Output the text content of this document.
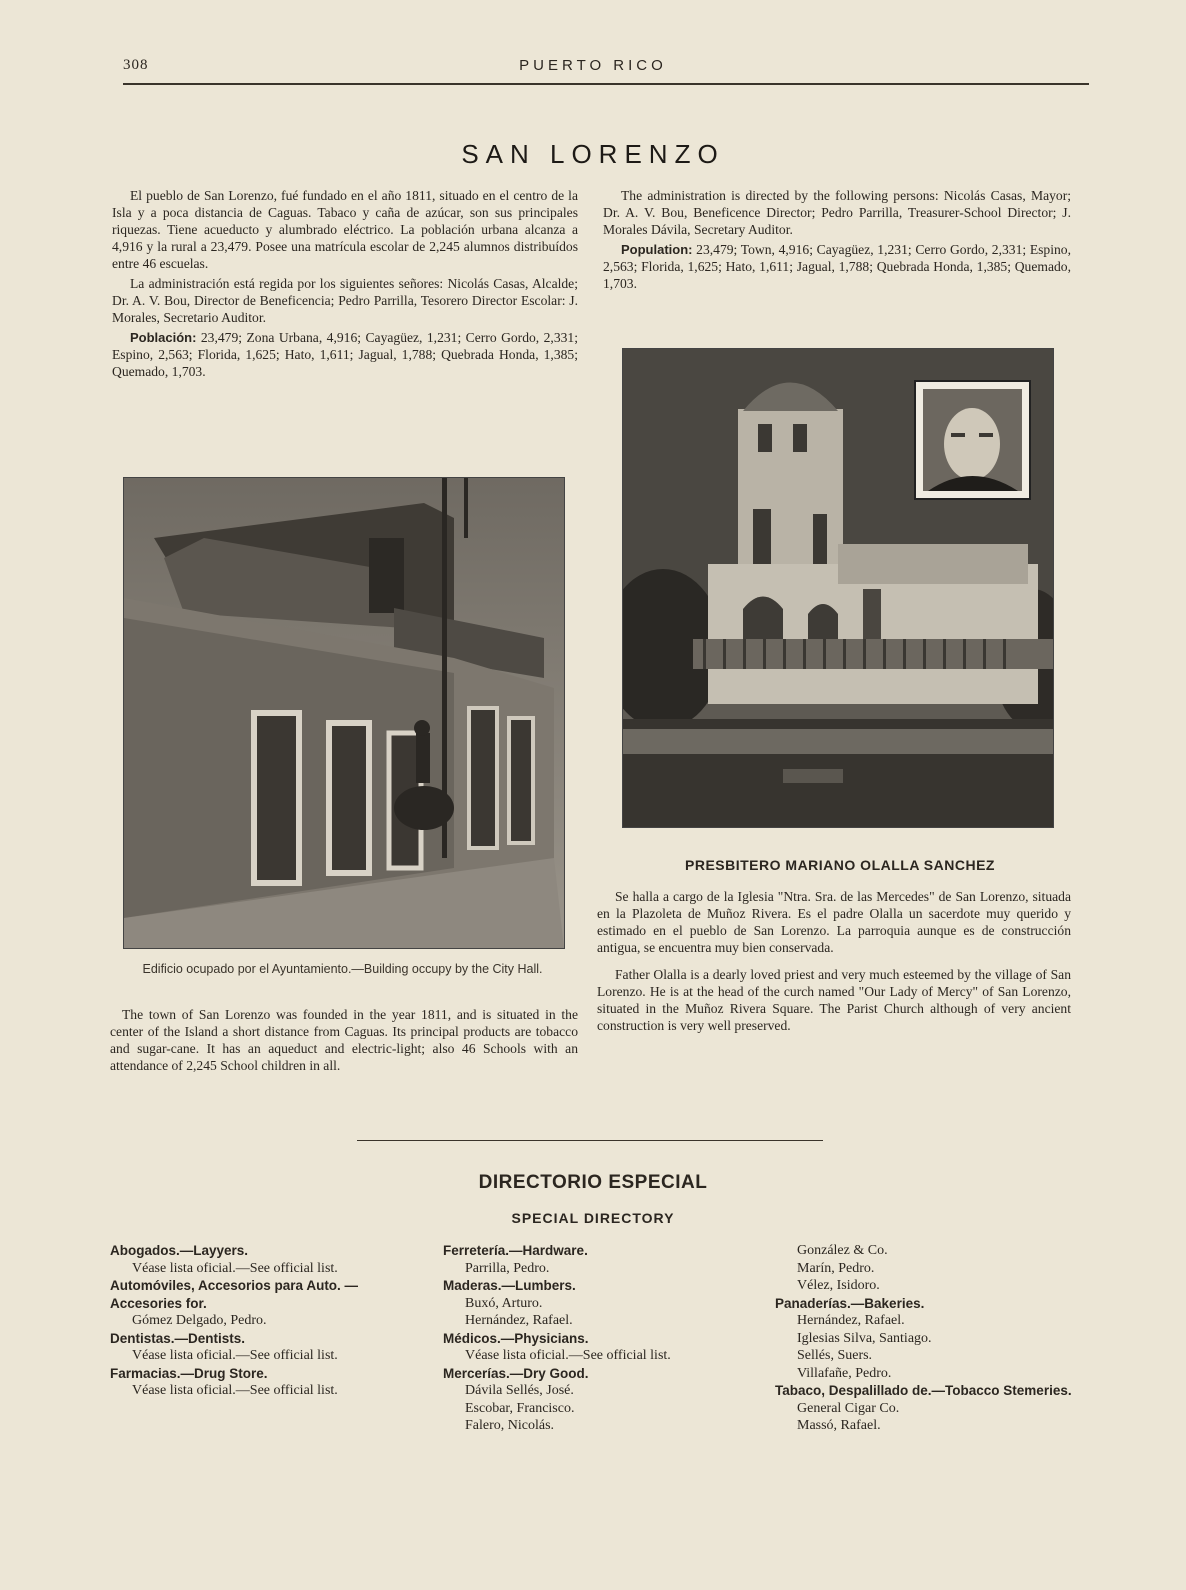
308	PUERTO RICO
SAN LORENZO

El pueblo de San Lorenzo, fué fundado en el año 1811, situado en el centro de la Isla y a poca distancia de Caguas. Tabaco y caña de azúcar, son sus principales riquezas. Tiene acueducto y alumbrado eléctrico. La población urbana alcanza a 4,916 y la rural a 23,479. Posee una matrícula escolar de 2,245 alumnos distribuídos entre 46 escuelas.

La administración está regida por los siguientes señores: Nicolás Casas, Alcalde; Dr. A. V. Bou, Director de Beneficencia; Pedro Parrilla, Tesorero Director Escolar: J. Morales, Secretario Auditor.

Población: 23,479; Zona Urbana, 4,916; Cayagüez, 1,231; Cerro Gordo, 2,331; Espino, 2,563; Florida, 1,625; Hato, 1,611; Jagual, 1,788; Quebrada Honda, 1,385; Quemado, 1,703.

Edificio ocupado por el Ayuntamiento.—Building occupy by the City Hall.

The town of San Lorenzo was founded in the year 1811, and is situated in the center of the Island a short distance from Caguas. Its principal products are tobacco and sugar-cane. It has an aqueduct and electric-light; also 46 Schools with an attendance of 2,245 School children in all.

The administration is directed by the following persons: Nicolás Casas, Mayor; Dr. A. V. Bou, Beneficence Director; Pedro Parrilla, Treasurer-School Director; J. Morales Dávila, Secretary Auditor.

Population: 23,479; Town, 4,916; Cayagüez, 1,231; Cerro Gordo, 2,331; Espino, 2,563; Florida, 1,625; Hato, 1,611; Jagual, 1,788; Quebrada Honda, 1,385; Quemado, 1,703.

PRESBITERO MARIANO OLALLA SANCHEZ

Se halla a cargo de la Iglesia "Ntra. Sra. de las Mercedes" de San Lorenzo, situada en la Plazoleta de Muñoz Rivera. Es el padre Olalla un sacerdote muy querido y estimado en el pueblo de San Lorenzo. La parroquia aunque es de construcción antigua, se encuentra muy bien conservada.

Father Olalla is a dearly loved priest and very much esteemed by the village of San Lorenzo. He is at the head of the curch named "Our Lady of Mercy" of San Lorenzo, situated in the Muñoz Rivera Square. The Parist Church although of very ancient construction is very well preserved.

DIRECTORIO ESPECIAL
SPECIAL DIRECTORY
Abogados.—Layyers.
Véase lista oficial.—See official list.
Automóviles, Accesorios para Auto. —Accesories for.
Gómez Delgado, Pedro.
Dentistas.—Dentists.
Véase lista oficial.—See official list.
Farmacias.—Drug Store.
Véase lista oficial.—See official list.
Ferretería.—Hardware.
Parrilla, Pedro.
Maderas.—Lumbers.
Buxó, Arturo.
Hernández, Rafael.
Médicos.—Physicians.
Véase lista oficial.—See official list.
Mercerías.—Dry Good.
Dávila Sellés, José.
Escobar, Francisco.
Falero, Nicolás.
González & Co.
Marín, Pedro.
Vélez, Isidoro.
Panaderías.—Bakeries.
Hernández, Rafael.
Iglesias Silva, Santiago.
Sellés, Suers.
Villafañe, Pedro.
Tabaco, Despalillado de.—Tobacco Stemeries.
General Cigar Co.
Massó, Rafael.
